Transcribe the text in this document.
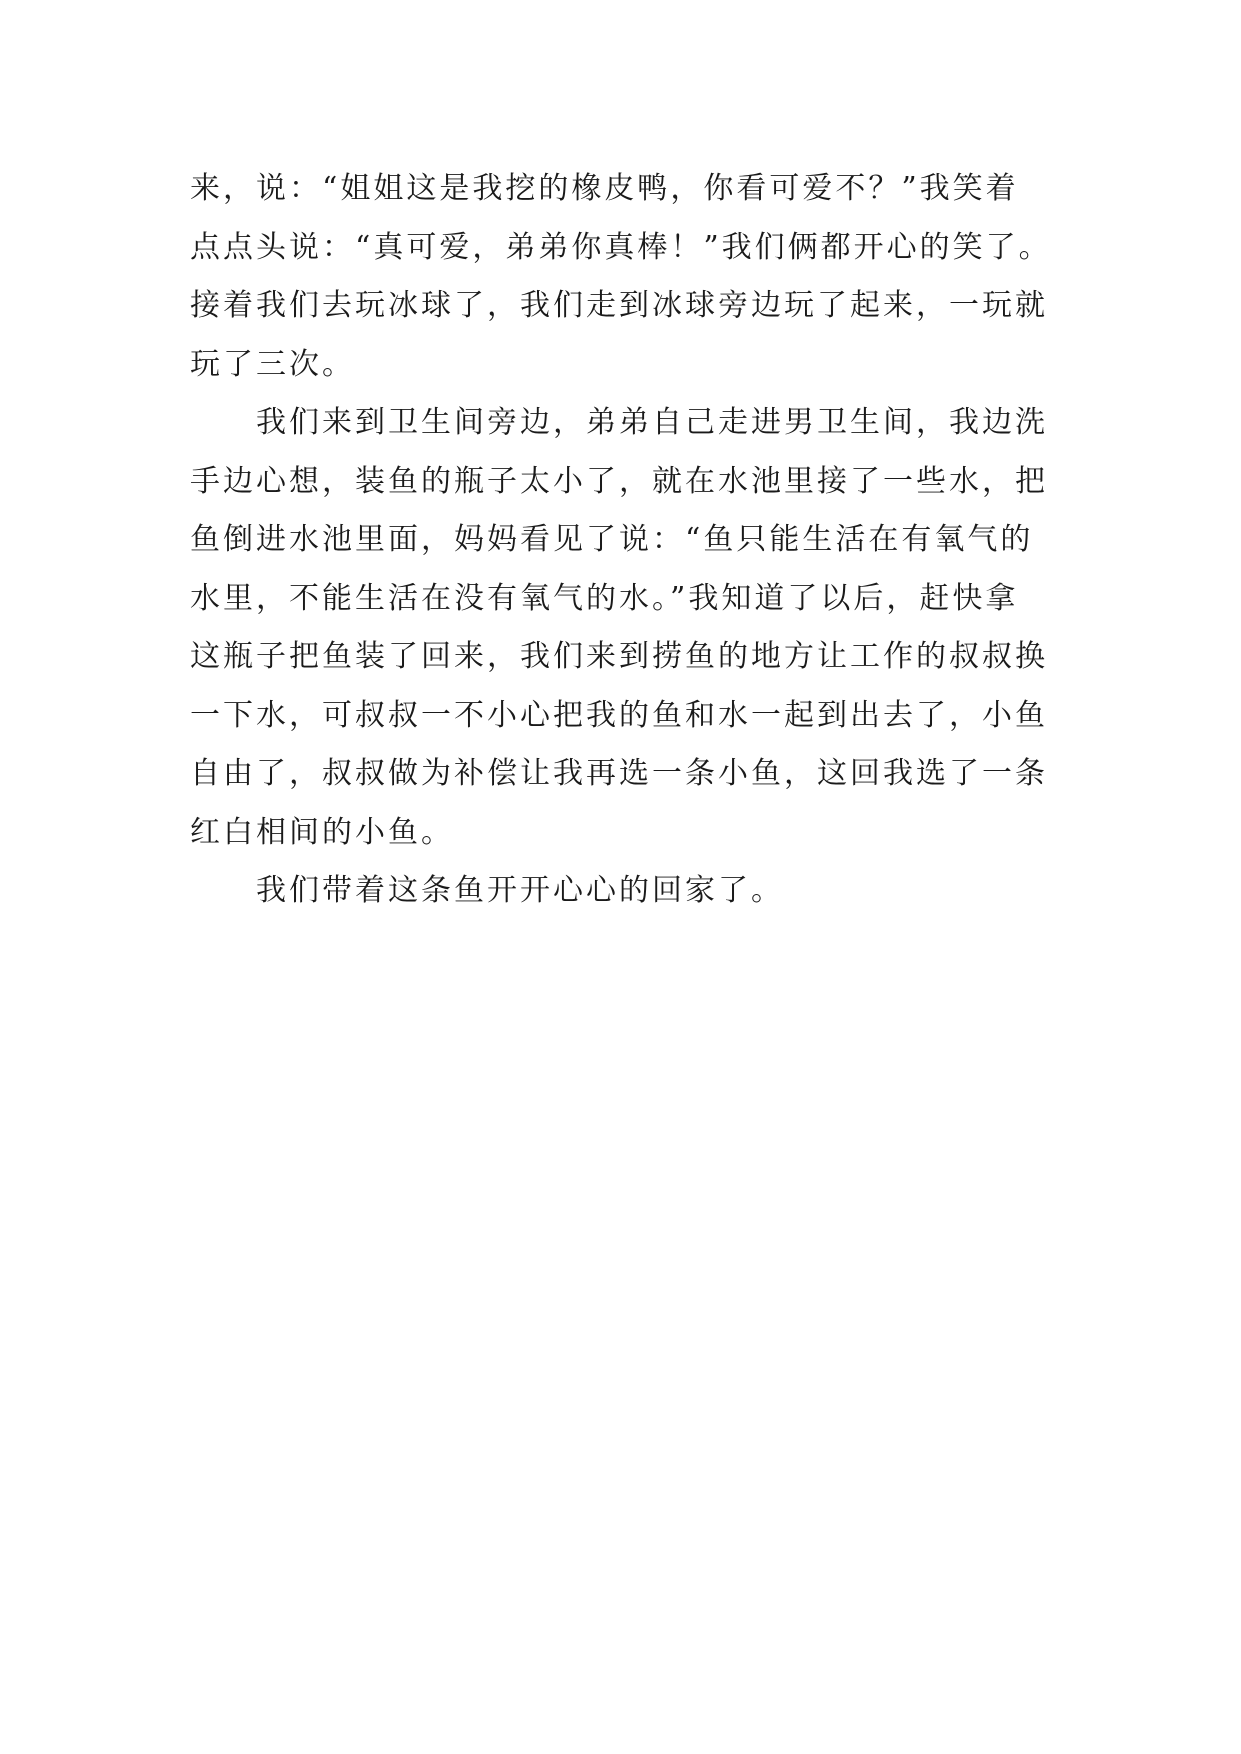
来，说：“姐姐这是我挖的橡皮鸭，你看可爱不？”我笑着
点点头说：“真可爱，弟弟你真棒！”我们俩都开心的笑了。
接着我们去玩冰球了，我们走到冰球旁边玩了起来，一玩就
玩了三次。
我们来到卫生间旁边，弟弟自己走进男卫生间，我边洗
手边心想，装鱼的瓶子太小了，就在水池里接了一些水，把
鱼倒进水池里面，妈妈看见了说：“鱼只能生活在有氧气的
水里，不能生活在没有氧气的水。”我知道了以后，赶快拿
这瓶子把鱼装了回来，我们来到捞鱼的地方让工作的叔叔换
一下水，可叔叔一不小心把我的鱼和水一起到出去了，小鱼
自由了，叔叔做为补偿让我再选一条小鱼，这回我选了一条
红白相间的小鱼。
我们带着这条鱼开开心心的回家了。
